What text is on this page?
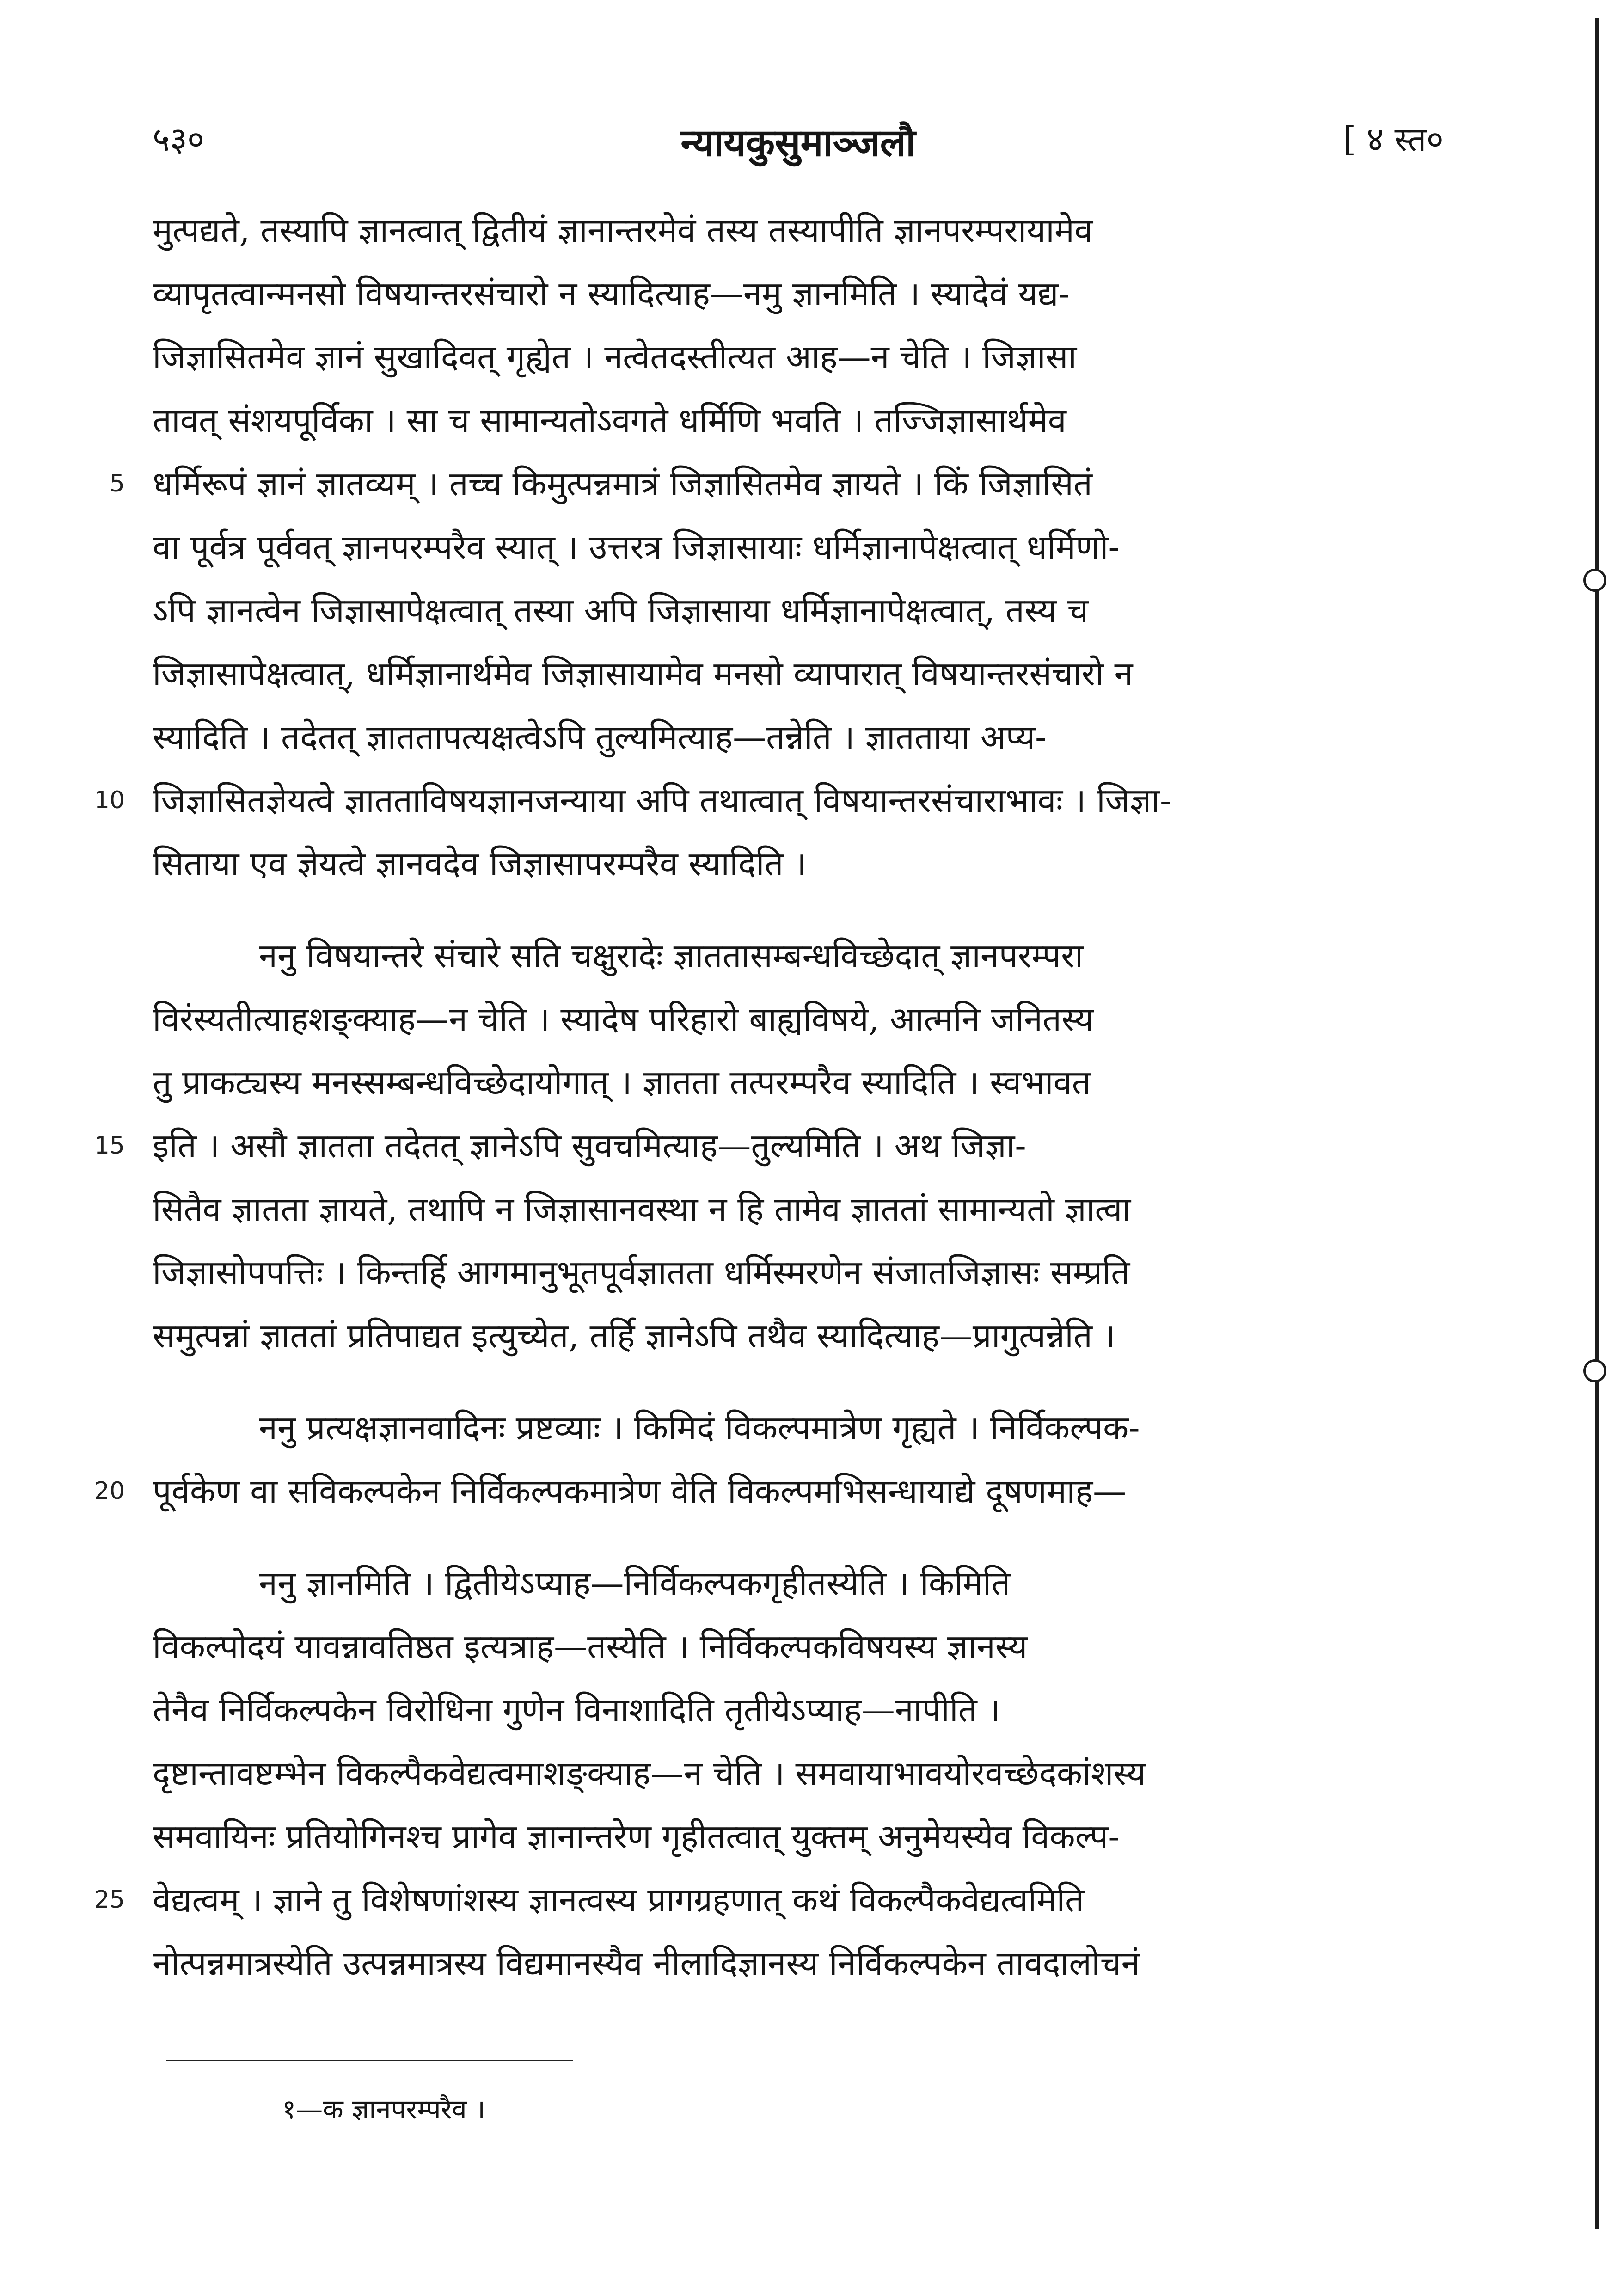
५३०	न्यायकुसुमाञ्जलौ	[ ४ स्त०
मुत्पद्यते, तस्यापि ज्ञानत्वात् द्वितीयं ज्ञानान्तरमेवं तस्य तस्यापीति ज्ञानपरम्परायामेव
व्यापृतत्वान्मनसो विषयान्तरसंचारो न स्यादित्याह—नमु ज्ञानमिति । स्यादेवं यद्य-
जिज्ञासितमेव ज्ञानं सुखादिवत् गृह्येत । नत्वेतदस्तीत्यत आह—न चेति । जिज्ञासा
तावत् संशयपूर्विका । सा च सामान्यतोऽवगते धर्मिणि भवति । तज्जिज्ञासार्थमेव
5 धर्मिरूपं ज्ञानं ज्ञातव्यम् । तच्च किमुत्पन्नमात्रं जिज्ञासितमेव ज्ञायते । किं जिज्ञासितं
वा पूर्वत्र पूर्ववत् ज्ञानपरम्परैव स्यात् । उत्तरत्र जिज्ञासायाः धर्मिज्ञानापेक्षत्वात् धर्मिणो-
ऽपि ज्ञानत्वेन जिज्ञासापेक्षत्वात् तस्या अपि जिज्ञासाया धर्मिज्ञानापेक्षत्वात्, तस्य च
जिज्ञासापेक्षत्वात्, धर्मिज्ञानार्थमेव जिज्ञासायामेव मनसो व्यापारात् विषयान्तरसंचारो न
स्यादिति । तदेतत् ज्ञाततापत्यक्षत्वेऽपि तुल्यमित्याह—तन्नेति । ज्ञातताया अप्य-
10 जिज्ञासितज्ञेयत्वे ज्ञातताविषयज्ञानजन्याया अपि तथात्वात् विषयान्तरसंचाराभावः । जिज्ञा-
सिताया एव ज्ञेयत्वे ज्ञानवदेव जिज्ञासापरम्परैव स्यादिति ।
ननु विषयान्तरे संचारे सति चक्षुरादेः ज्ञाततासम्बन्धविच्छेदात् ज्ञानपरम्परा
विरंस्यतीत्याहशङ्क्याह—न चेति । स्यादेष परिहारो बाह्यविषये, आत्मनि जनितस्य
तु प्राकट्यस्य मनस्सम्बन्धविच्छेदायोगात् । ज्ञातता तत्परम्परैव स्यादिति । स्वभावत
15 इति । असौ ज्ञातता तदेतत् ज्ञानेऽपि सुवचमित्याह—तुल्यमिति । अथ जिज्ञा-
सितैव ज्ञातता ज्ञायते, तथापि न जिज्ञासानवस्था न हि तामेव ज्ञाततां सामान्यतो ज्ञात्वा
जिज्ञासोपपत्तिः । किन्तर्हि आगमानुभूतपूर्वज्ञातता धर्मिस्मरणेन संजातजिज्ञासः सम्प्रति
समुत्पन्नां ज्ञाततां प्रतिपाद्यत इत्युच्येत, तर्हि ज्ञानेऽपि तथैव स्यादित्याह—प्रागुत्पन्नेति ।
ननु प्रत्यक्षज्ञानवादिनः प्रष्टव्याः । किमिदं विकल्पमात्रेण गृह्यते । निर्विकल्पक-
20 पूर्वकेण वा सविकल्पकेन निर्विकल्पकमात्रेण वेति विकल्पमभिसन्धायाद्ये दूषणमाह—
ननु ज्ञानमिति । द्वितीयेऽप्याह—निर्विकल्पकगृहीतस्येति । किमिति
विकल्पोदयं यावन्नावतिष्ठत इत्यत्राह—तस्येति । निर्विकल्पकविषयस्य ज्ञानस्य
तेनैव निर्विकल्पकेन विरोधिना गुणेन विनाशादिति तृतीयेऽप्याह—नापीति ।
दृष्टान्तावष्टम्भेन विकल्पैकवेद्यत्वमाशङ्क्याह—न चेति । समवायाभावयोरवच्छेदकांशस्य
समवायिनः प्रतियोगिनश्च प्रागेव ज्ञानान्तरेण गृहीतत्वात् युक्तम् अनुमेयस्येव विकल्प-
25 वेद्यत्वम् । ज्ञाने तु विशेषणांशस्य ज्ञानत्वस्य प्रागग्रहणात् कथं विकल्पैकवेद्यत्वमिति
नोत्पन्नमात्रस्येति उत्पन्नमात्रस्य विद्यमानस्यैव नीलादिज्ञानस्य निर्विकल्पकेन तावदालोचनं
१—क ज्ञानपरम्परैव ।
